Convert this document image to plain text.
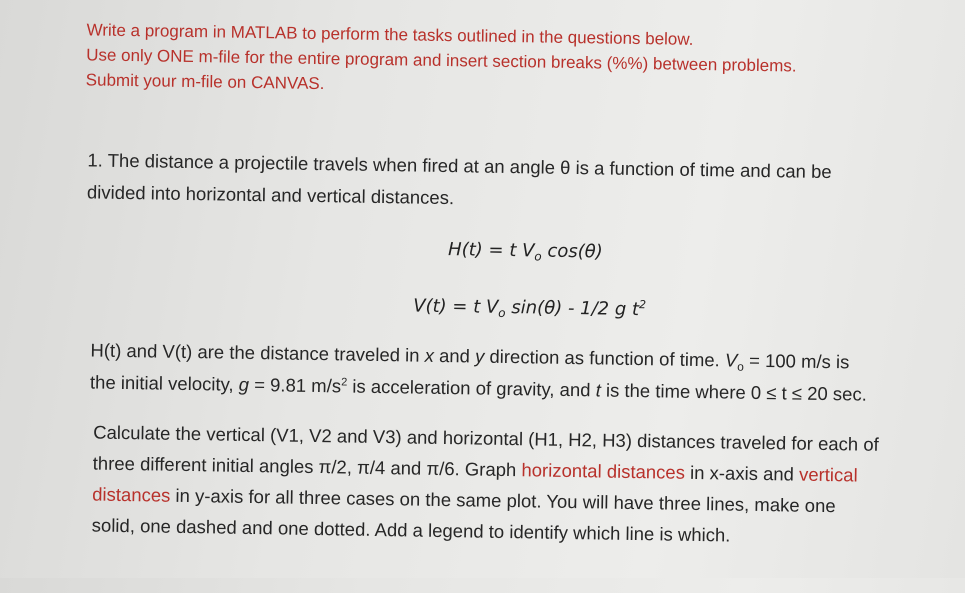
Write a program in MATLAB to perform the tasks outlined in the questions below.
Use only ONE m-file for the entire program and insert section breaks (%%) between problems.
Submit your m-file on CANVAS.
1. The distance a projectile travels when fired at an angle θ is a function of time and can be
divided into horizontal and vertical distances.
H(t) = t $V_o$ cos(θ)
V(t) = t $V_o$ sin(θ) - 1/2 g $t^2$
H(t) and V(t) are the distance traveled in x and y direction as function of time. $V_o = 100$ m/s is
the initial velocity, g = 9.81 $m/s^2$ is acceleration of gravity, and t is the time where 0 ≤ t ≤ 20 sec.
Calculate the vertical (V1, V2 and V3) and horizontal (H1, H2, H3) distances traveled for each of
three different initial angles π/2, π/4 and π/6. Graph horizontal distances in x-axis and vertical
distances in y-axis for all three cases on the same plot. You will have three lines, make one
solid, one dashed and one dotted. Add a legend to identify which line is which.
